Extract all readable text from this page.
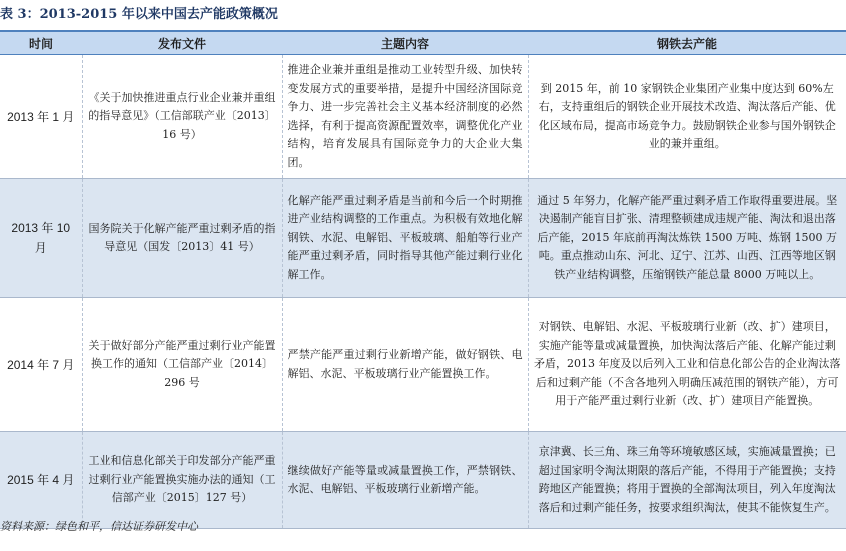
表 3：2013-2015 年以来中国去产能政策概况
时间	发布文件	主题内容	钢铁去产能
2013 年 1 月	《关于加快推进重点行业企业兼并重组的指导意见》（工信部联产业〔2013〕16 号）	推进企业兼并重组是推动工业转型升级、加快转变发展方式的重要举措，是提升中国经济国际竞争力、进一步完善社会主义基本经济制度的必然选择，有利于提高资源配置效率，调整优化产业结构，培育发展具有国际竞争力的大企业大集团。	到 2015 年，前 10 家钢铁企业集团产业集中度达到 60%左右，支持重组后的钢铁企业开展技术改造、淘汰落后产能、优化区域布局，提高市场竞争力。鼓励钢铁企业参与国外钢铁企业的兼并重组。
2013 年 10 月	国务院关于化解产能严重过剩矛盾的指导意见（国发〔2013〕41 号）	化解产能严重过剩矛盾是当前和今后一个时期推进产业结构调整的工作重点。为积极有效地化解钢铁、水泥、电解铝、平板玻璃、船舶等行业产能严重过剩矛盾，同时指导其他产能过剩行业化解工作。	通过 5 年努力，化解产能严重过剩矛盾工作取得重要进展。坚决遏制产能盲目扩张、清理整顿建成违规产能、淘汰和退出落后产能，2015 年底前再淘汰炼铁 1500 万吨、炼钢 1500 万吨。重点推动山东、河北、辽宁、江苏、山西、江西等地区钢铁产业结构调整，压缩钢铁产能总量 8000 万吨以上。
2014 年 7 月	关于做好部分产能严重过剩行业产能置换工作的通知（工信部产业〔2014〕296 号	严禁产能严重过剩行业新增产能，做好钢铁、电解铝、水泥、平板玻璃行业产能置换工作。	对钢铁、电解铝、水泥、平板玻璃行业新（改、扩）建项目，实施产能等量或减量置换，加快淘汰落后产能、化解产能过剩矛盾，2013 年度及以后列入工业和信息化部公告的企业淘汰落后和过剩产能（不含各地列入明确压减范围的钢铁产能），方可用于产能严重过剩行业新（改、扩）建项目产能置换。
2015 年 4 月	工业和信息化部关于印发部分产能严重过剩行业产能置换实施办法的通知（工信部产业〔2015〕127 号）	继续做好产能等量或减量置换工作，严禁钢铁、水泥、电解铝、平板玻璃行业新增产能。	京津冀、长三角、珠三角等环境敏感区域，实施减量置换；已超过国家明令淘汰期限的落后产能，不得用于产能置换；支持跨地区产能置换；将用于置换的全部淘汰项目，列入年度淘汰落后和过剩产能任务，按要求组织淘汰，使其不能恢复生产。
资料来源：绿色和平，信达证券研发中心
